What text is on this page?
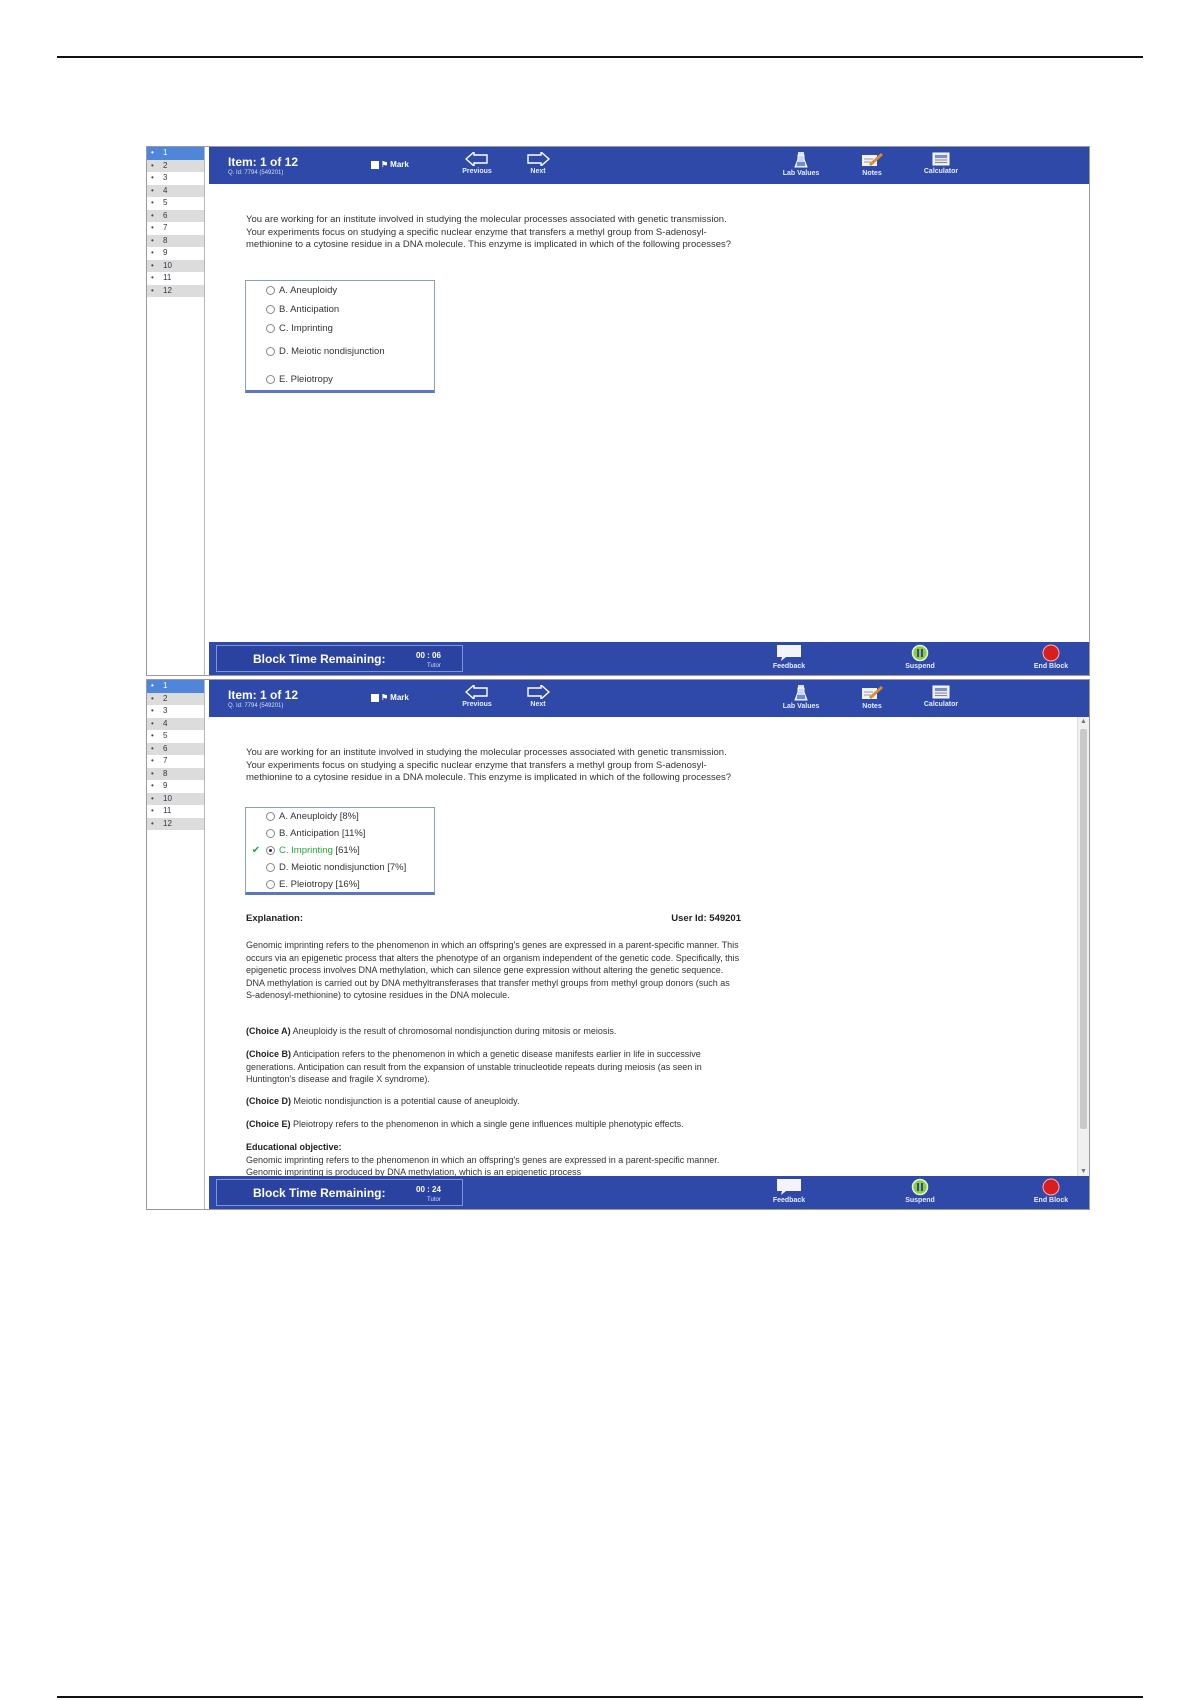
•	1
•	2
•	3
•	4
•	5
•	6
•	7
•	8
•	9
•	10
•	11
•	12
Item: 1 of 12
Q. Id: 7794 (549201)
⚑ Mark
Previous	Next	Lab Values	Notes	Calculator
You are working for an institute involved in studying the molecular processes associated with genetic transmission. Your experiments focus on studying a specific nuclear enzyme that transfers a methyl group from S-adenosyl-methionine to a cytosine residue in a DNA molecule. This enzyme is implicated in which of the following processes?
A. Aneuploidy
B. Anticipation
C. Imprinting
D. Meiotic nondisjunction
E. Pleiotropy
Block Time Remaining:	00 : 06
Tutor	Feedback	Suspend	End Block
•	1
•	2
•	3
•	4
•	5
•	6
•	7
•	8
•	9
•	10
•	11
•	12
Item: 1 of 12
Q. Id: 7794 (549201)
⚑ Mark
Previous	Next	Lab Values	Notes	Calculator
You are working for an institute involved in studying the molecular processes associated with genetic transmission. Your experiments focus on studying a specific nuclear enzyme that transfers a methyl group from S-adenosyl-methionine to a cytosine residue in a DNA molecule. This enzyme is implicated in which of the following processes?
A. Aneuploidy [8%]
B. Anticipation [11%]
✔	C. Imprinting [61%]
D. Meiotic nondisjunction [7%]
E. Pleiotropy [16%]
Explanation:	User Id: 549201
Genomic imprinting refers to the phenomenon in which an offspring's genes are expressed in a parent-specific manner. This occurs via an epigenetic process that alters the phenotype of an organism independent of the genetic code. Specifically, this epigenetic process involves DNA methylation, which can silence gene expression without altering the genetic sequence. DNA methylation is carried out by DNA methyltransferases that transfer methyl groups from methyl group donors (such as S-adenosyl-methionine) to cytosine residues in the DNA molecule.
(Choice A) Aneuploidy is the result of chromosomal nondisjunction during mitosis or meiosis.
(Choice B) Anticipation refers to the phenomenon in which a genetic disease manifests earlier in life in successive generations. Anticipation can result from the expansion of unstable trinucleotide repeats during meiosis (as seen in Huntington's disease and fragile X syndrome).
(Choice D) Meiotic nondisjunction is a potential cause of aneuploidy.
(Choice E) Pleiotropy refers to the phenomenon in which a single gene influences multiple phenotypic effects.
Educational objective:
Genomic imprinting refers to the phenomenon in which an offspring's genes are expressed in a parent-specific manner. Genomic imprinting is produced by DNA methylation, which is an epigenetic process
▲
▼
Block Time Remaining:	00 : 24
Tutor	Feedback	Suspend	End Block
